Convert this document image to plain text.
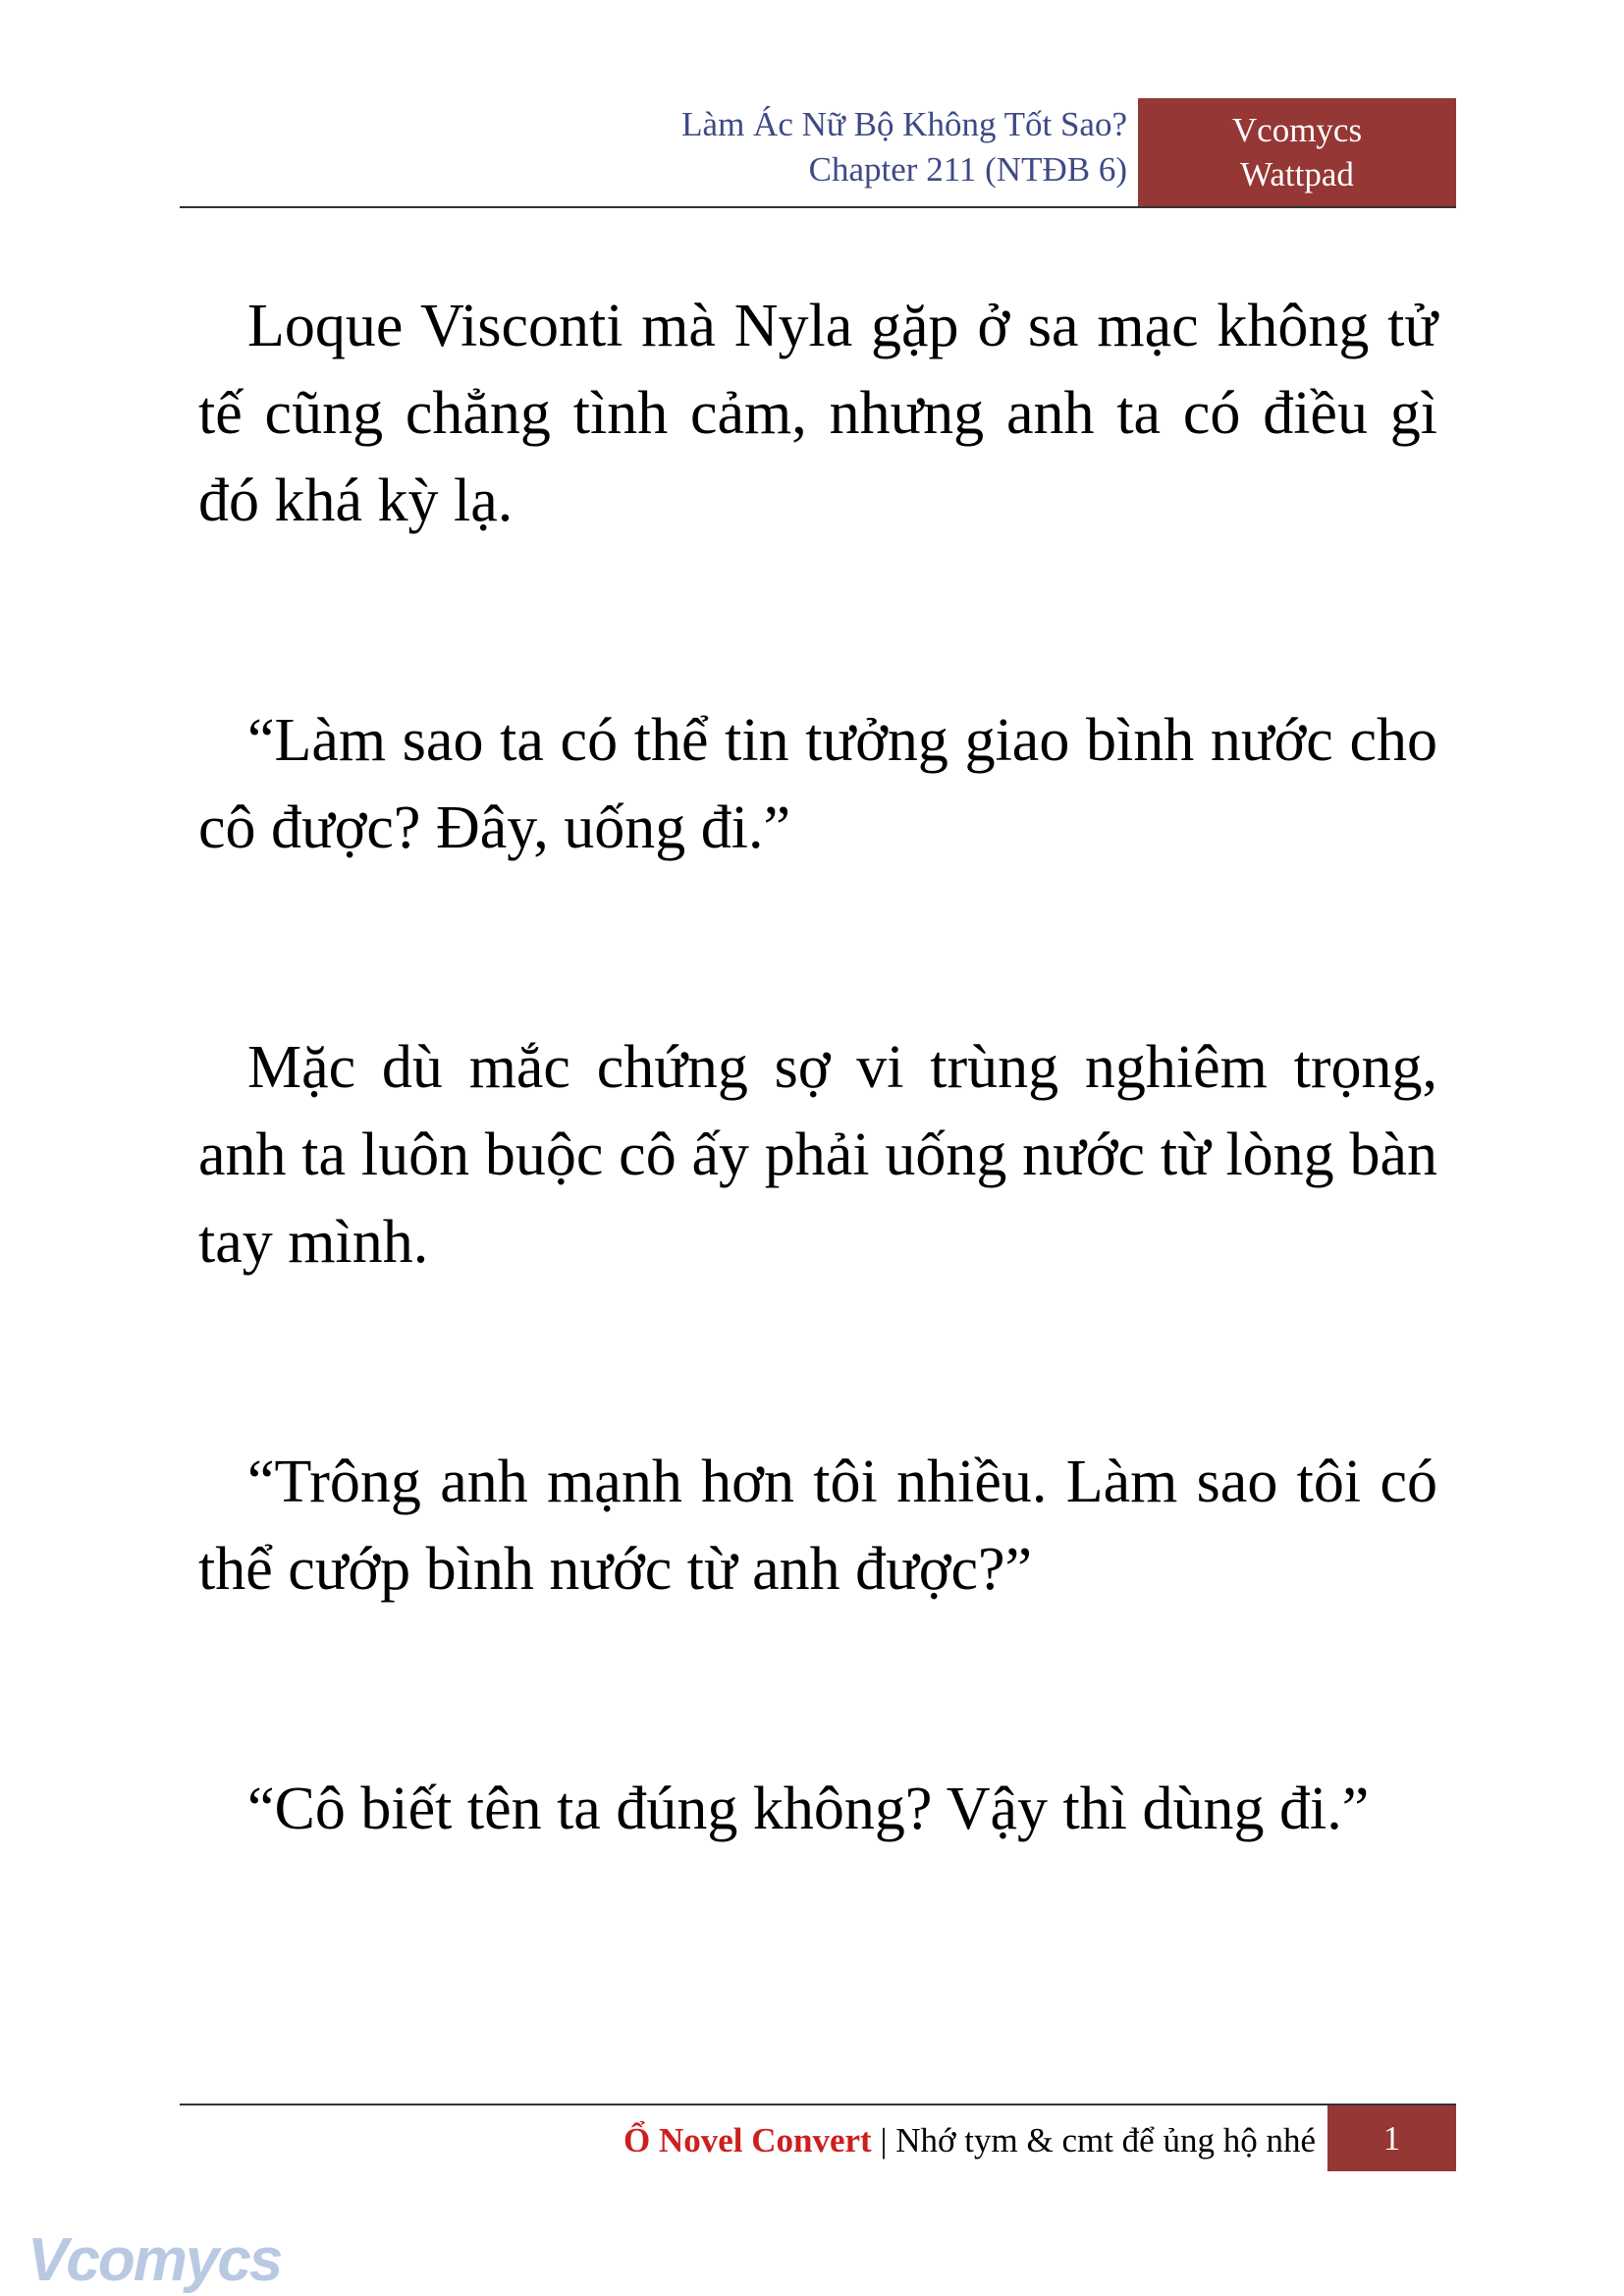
Làm Ác Nữ Bộ Không Tốt Sao?
Chapter 211 (NTĐB 6)
Vcomycs
Wattpad

Loque Visconti mà Nyla gặp ở sa mạc không tử tế cũng chẳng tình cảm, nhưng anh ta có điều gì đó khá kỳ lạ.

“Làm sao ta có thể tin tưởng giao bình nước cho cô được? Đây, uống đi.”

Mặc dù mắc chứng sợ vi trùng nghiêm trọng, anh ta luôn buộc cô ấy phải uống nước từ lòng bàn tay mình.

“Trông anh mạnh hơn tôi nhiều. Làm sao tôi có thể cướp bình nước từ anh được?”

“Cô biết tên ta đúng không? Vậy thì dùng đi.”

Ổ Novel Convert | Nhớ tym & cmt để ủng hộ nhé	1
Vcomycs
